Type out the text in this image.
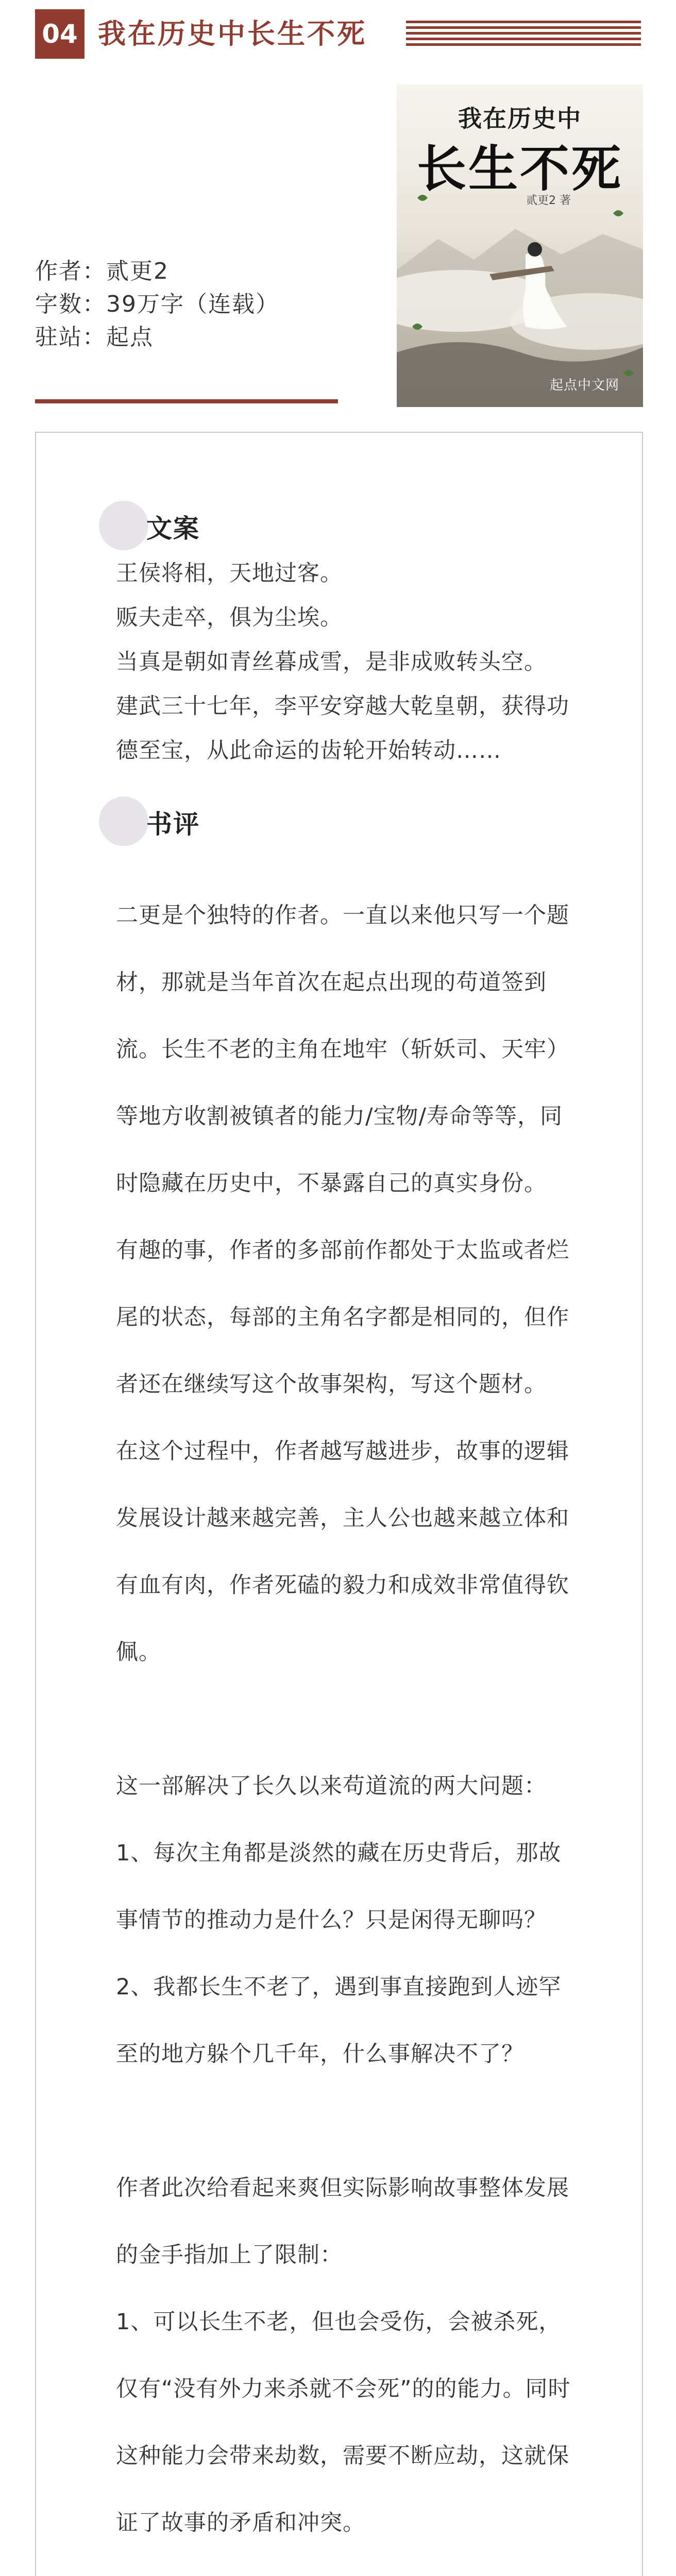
04 我在历史中长生不死
我在历史中
长生不死
贰更2 著
起点中文网
作者：贰更2
字数：39万字（连载）
驻站：起点
文案
王侯将相，天地过客。
贩夫走卒，俱为尘埃。
当真是朝如青丝暮成雪，是非成败转头空。
建武三十七年，李平安穿越大乾皇朝，获得功
德至宝，从此命运的齿轮开始转动……
书评
二更是个独特的作者。一直以来他只写一个题
材，那就是当年首次在起点出现的苟道签到
流。长生不老的主角在地牢（斩妖司、天牢）
等地方收割被镇者的能力/宝物/寿命等等，同
时隐藏在历史中，不暴露自己的真实身份。
有趣的事，作者的多部前作都处于太监或者烂
尾的状态，每部的主角名字都是相同的，但作
者还在继续写这个故事架构，写这个题材。
在这个过程中，作者越写越进步，故事的逻辑
发展设计越来越完善，主人公也越来越立体和
有血有肉，作者死磕的毅力和成效非常值得钦
佩。

这一部解决了长久以来苟道流的两大问题：
1、每次主角都是淡然的藏在历史背后，那故
事情节的推动力是什么？只是闲得无聊吗？
2、我都长生不老了，遇到事直接跑到人迹罕
至的地方躲个几千年，什么事解决不了？

作者此次给看起来爽但实际影响故事整体发展
的金手指加上了限制：
1、可以长生不老，但也会受伤，会被杀死，
仅有“没有外力来杀就不会死”的的能力。同时
这种能力会带来劫数，需要不断应劫，这就保
证了故事的矛盾和冲突。
